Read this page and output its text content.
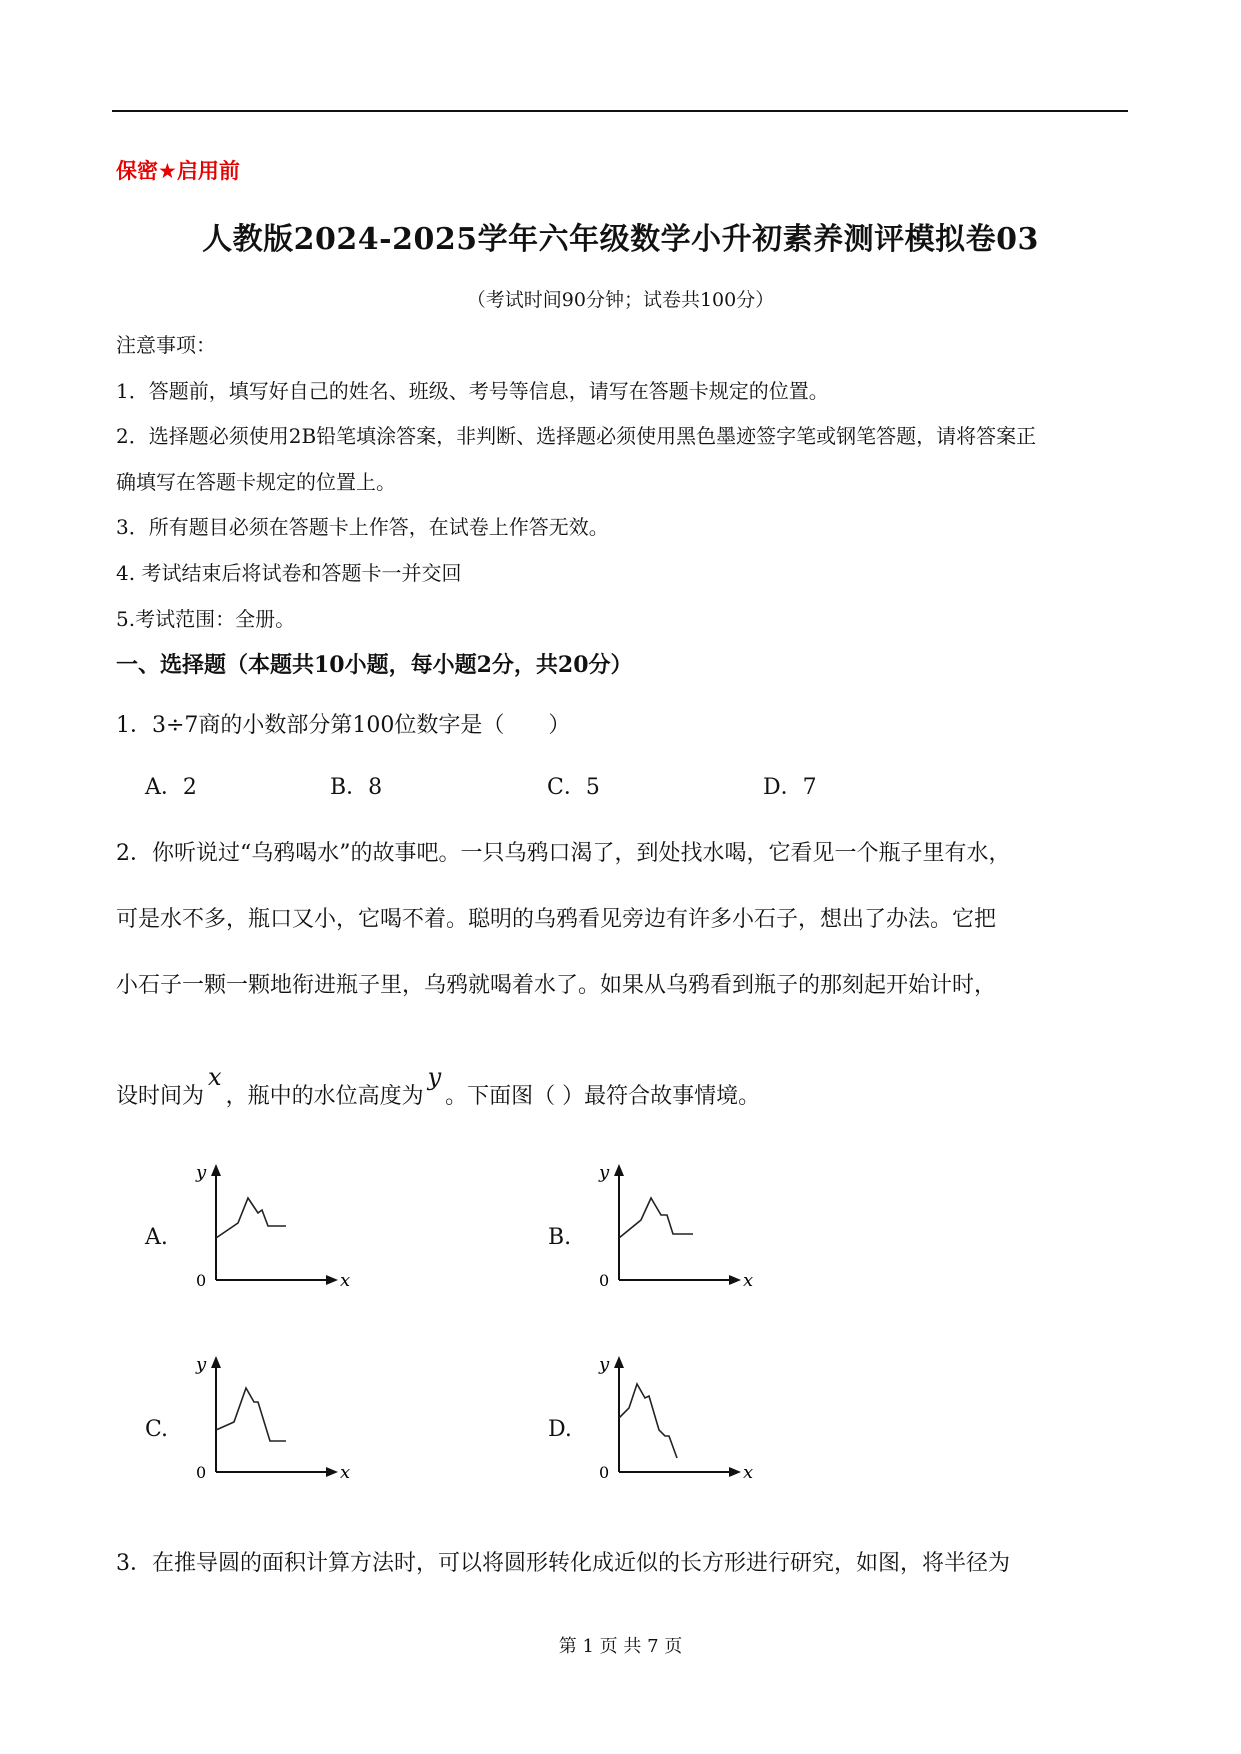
保密★启用前
人教版2024-2025学年六年级数学小升初素养测评模拟卷03
（考试时间90分钟；试卷共100分）
注意事项：
1．答题前，填写好自己的姓名、班级、考号等信息，请写在答题卡规定的位置。
2．选择题必须使用2B铅笔填涂答案，非判断、选择题必须使用黑色墨迹签字笔或钢笔答题，请将答案正
确填写在答题卡规定的位置上。
3．所有题目必须在答题卡上作答，在试卷上作答无效。
4. 考试结束后将试卷和答题卡一并交回
5.考试范围：全册。
一、选择题（本题共10小题，每小题2分，共20分）
1．3÷7商的小数部分第100位数字是（　　）
A．2	B．8	C．5	D．7
2．你听说过“乌鸦喝水”的故事吧。一只乌鸦口渴了，到处找水喝，它看见一个瓶子里有水，
可是水不多，瓶口又小，它喝不着。聪明的乌鸦看见旁边有许多小石子，想出了办法。它把
小石子一颗一颗地衔进瓶子里，乌鸦就喝着水了。如果从乌鸦看到瓶子的那刻起开始计时，
设时间为x，瓶中的水位高度为y。下面图（ ）最符合故事情境。
A.	B.
C.	D.
y
x
0
y
x
0
y
x
0
y
x
0
3．在推导圆的面积计算方法时，可以将圆形转化成近似的长方形进行研究，如图，将半径为
第 1 页 共 7 页
